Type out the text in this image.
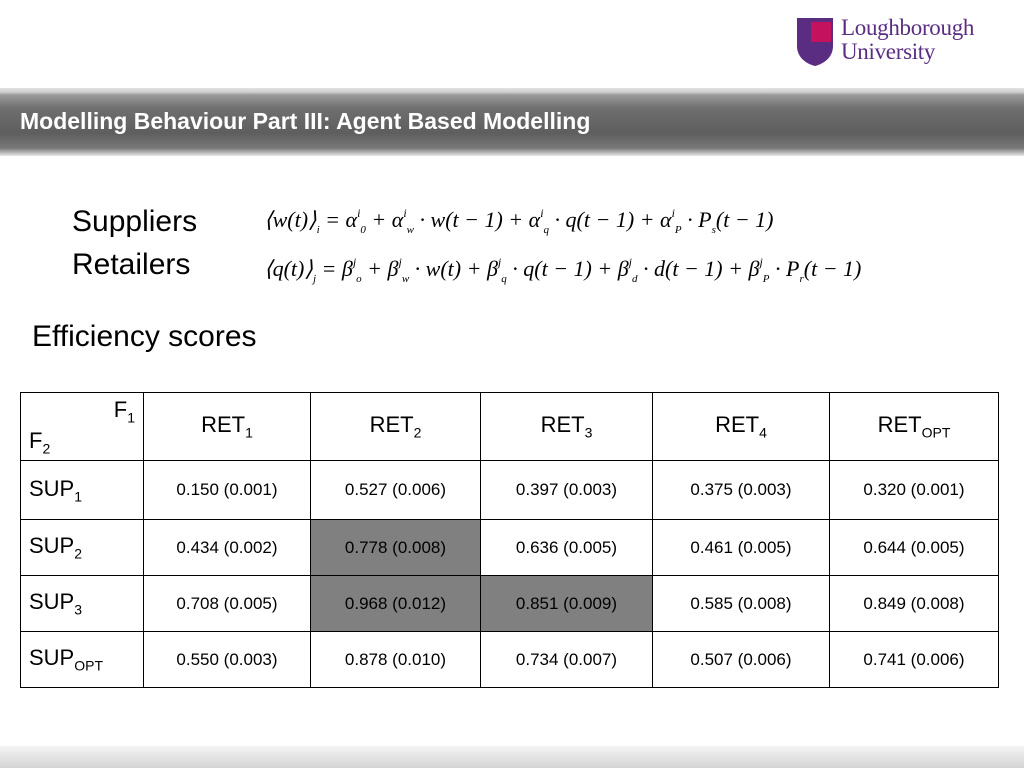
Loughborough
University
Modelling Behaviour Part III: Agent Based Modelling
Suppliers
Retailers
$⟨w(t)⟩_i = \alpha^i_0 + \alpha^i_w \cdot w(t - 1) + \alpha^i_q \cdot q(t - 1) + \alpha^i_P \cdot P_s(t - 1)$
$⟨q(t)⟩_j = \beta^j_o + \beta^j_w \cdot w(t) + \beta^j_q \cdot q(t - 1) + \beta^j_d \cdot d(t - 1) + \beta^j_P \cdot P_r(t - 1)$
Efficiency scores
$F_1$
$F_2$	$RET_1$	$RET_2$	$RET_3$	$RET_4$	$RET_{OPT}$
$SUP_1$	0.150 (0.001)	0.527 (0.006)	0.397 (0.003)	0.375 (0.003)	0.320 (0.001)
$SUP_2$	0.434 (0.002)	0.778 (0.008)	0.636 (0.005)	0.461 (0.005)	0.644 (0.005)
$SUP_3$	0.708 (0.005)	0.968 (0.012)	0.851 (0.009)	0.585 (0.008)	0.849 (0.008)
$SUP_{OPT}$	0.550 (0.003)	0.878 (0.010)	0.734 (0.007)	0.507 (0.006)	0.741 (0.006)
